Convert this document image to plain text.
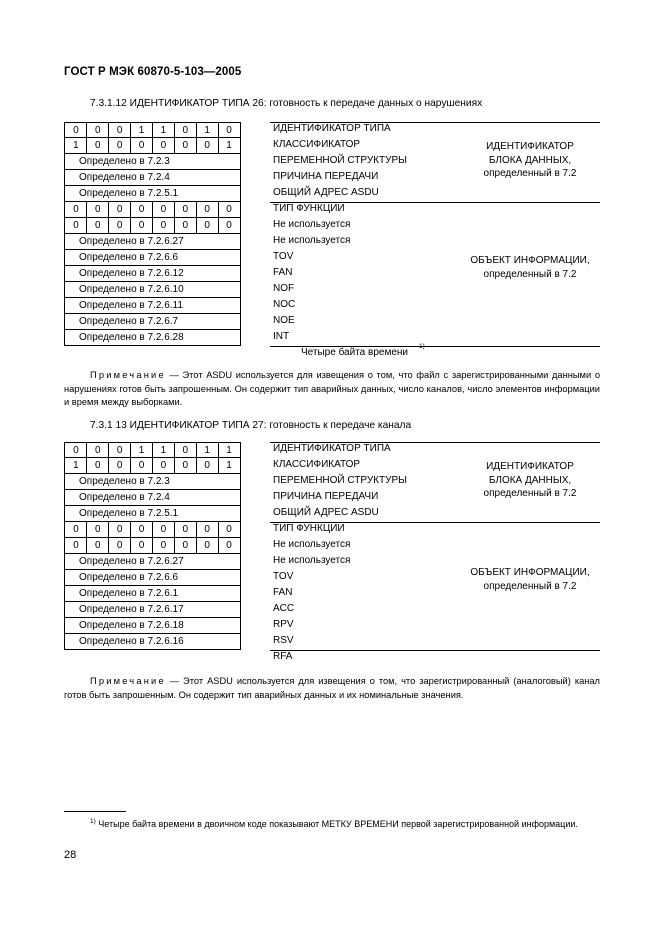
ГОСТ Р МЭК 60870-5-103—2005
7.3.1.12 ИДЕНТИФИКАТОР ТИПА 26: готовность к передаче данных о нарушениях
0	0	0	1	1	0	1	0
1	0	0	0	0	0	0	1
Определено в 7.2.3
Определено в 7.2.4
Определено в 7.2.5.1
0	0	0	0	0	0	0	0
0	0	0	0	0	0	0	0
Определено в 7.2.6.27
Определено в 7.2.6.6
Определено в 7.2.6.12
Определено в 7.2.6.10
Определено в 7.2.6.11
Определено в 7.2.6.7
Определено в 7.2.6.28
ИДЕНТИФИКАТОР ТИПА
КЛАССИФИКАТОР
ПЕРЕМЕННОЙ СТРУКТУРЫ
ПРИЧИНА ПЕРЕДАЧИ
ОБЩИЙ АДРЕС ASDU
ТИП ФУНКЦИИ
Не используется
Не используется
TOV
FAN
NOF
NOC
NOE
INT
Четыре байта времени
ИДЕНТИФИКАТОР БЛОКА ДАННЫХ, определенный в 7.2
ОБЪЕКТ ИНФОРМАЦИИ, определенный в 7.2
Примечание — Этот ASDU используется для извещения о том, что файл с зарегистрированными данными о нарушениях готов быть запрошенным. Он содержит тип аварийных данных, число каналов, число элементов информации и время между выборками.
7.3.1 13 ИДЕНТИФИКАТОР ТИПА 27: готовность к передаче канала
0	0	0	1	1	0	1	1
1	0	0	0	0	0	0	1
Определено в 7.2.3
Определено в 7.2.4
Определено в 7.2.5.1
0	0	0	0	0	0	0	0
0	0	0	0	0	0	0	0
Определено в 7.2.6.27
Определено в 7.2.6.6
Определено в 7.2.6.1
Определено в 7.2.6.17
Определено в 7.2.6.18
Определено в 7.2.6.16
ИДЕНТИФИКАТОР ТИПА
КЛАССИФИКАТОР
ПЕРЕМЕННОЙ СТРУКТУРЫ
ПРИЧИНА ПЕРЕДАЧИ
ОБЩИЙ АДРЕС ASDU
ТИП ФУНКЦИИ
Не используется
Не используется
TOV
FAN
ACC
RPV
RSV
RFA
ИДЕНТИФИКАТОР БЛОКА ДАННЫХ, определенный в 7.2
ОБЪЕКТ ИНФОРМАЦИИ, определенный в 7.2
Примечание — Этот ASDU используется для извещения о том, что зарегистрированный (аналоговый) канал готов быть запрошенным. Он содержит тип аварийных данных и их номинальные значения.
$^{1)}$ Четыре байта времени в двоичном коде показывают МЕТКУ ВРЕМЕНИ первой зарегистрированной информации.
28
